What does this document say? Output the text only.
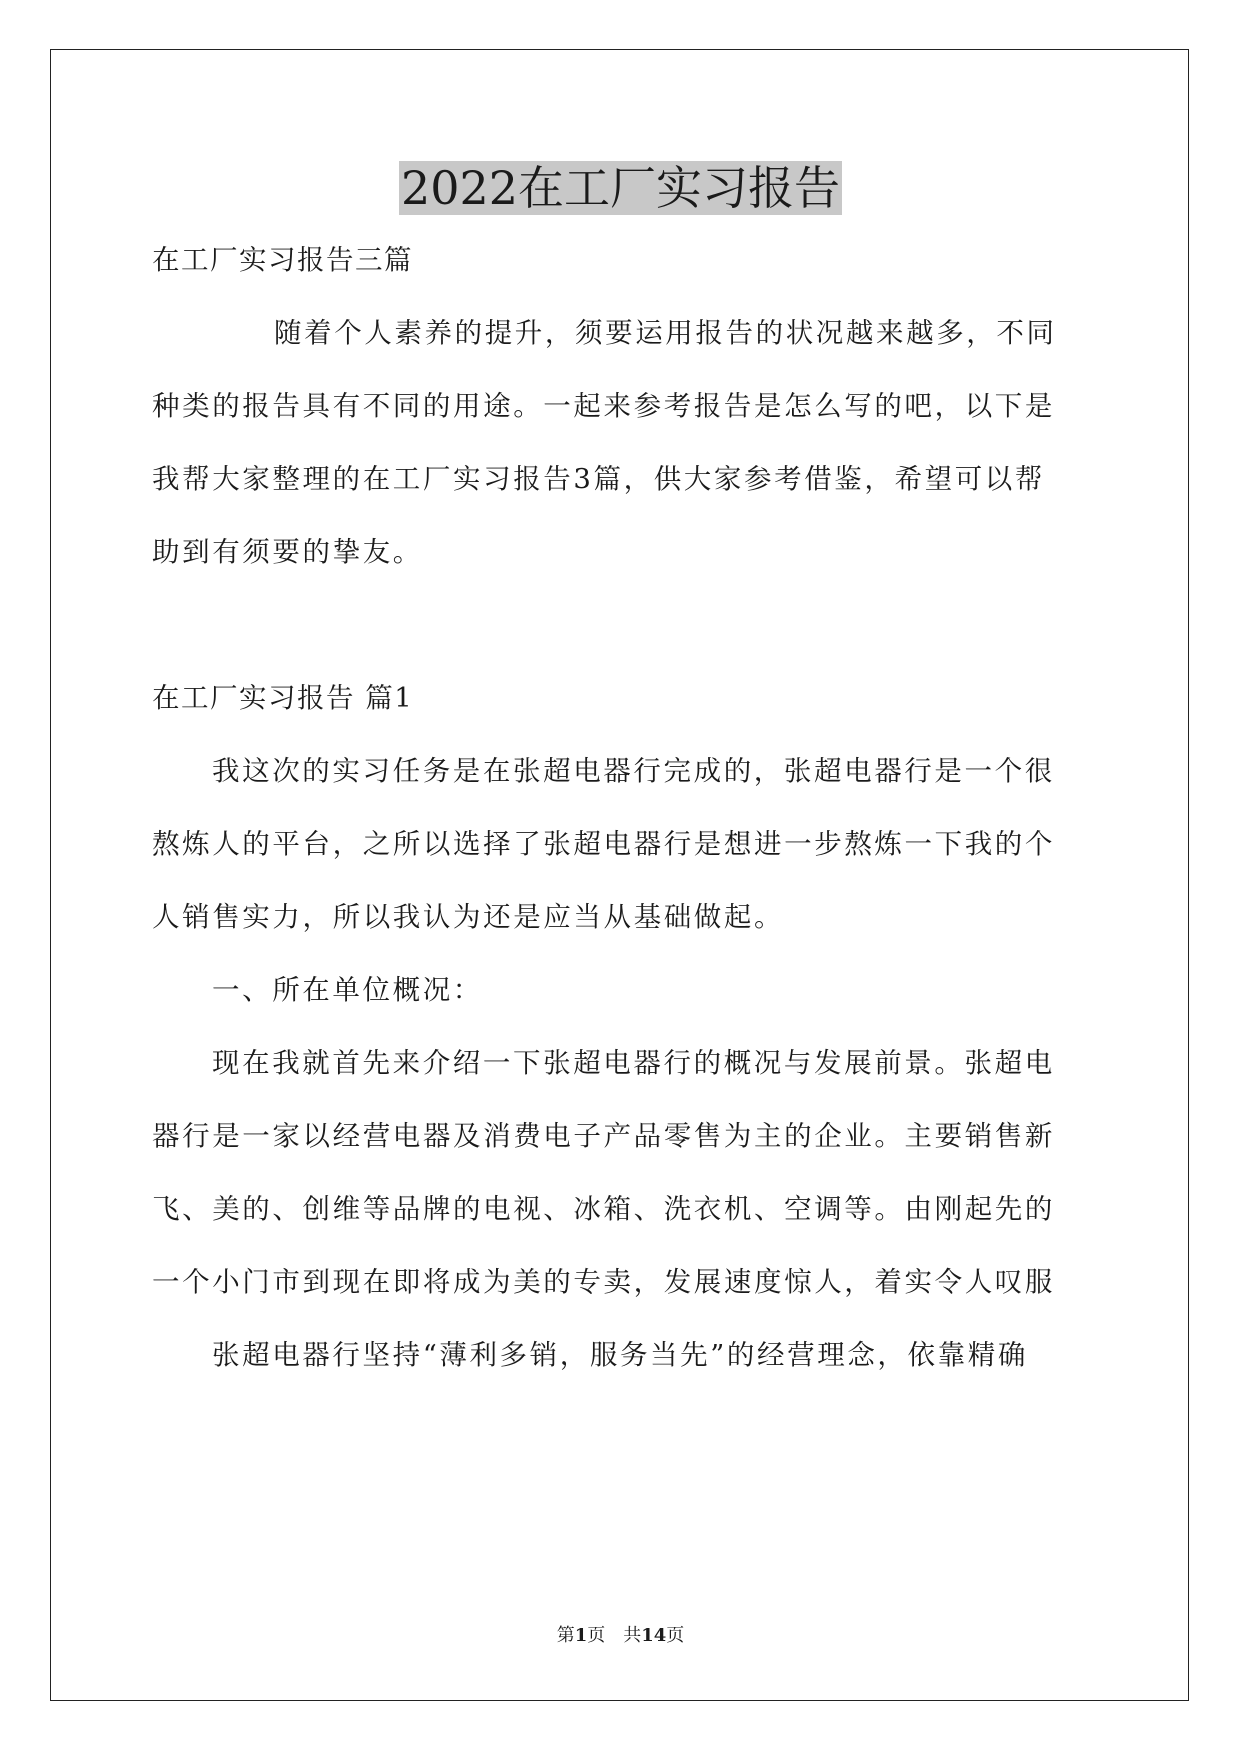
2022在工厂实习报告

在工厂实习报告三篇

随着个人素养的提升，须要运用报告的状况越来越多，不同

种类的报告具有不同的用途。一起来参考报告是怎么写的吧，以下是

我帮大家整理的在工厂实习报告3篇，供大家参考借鉴，希望可以帮

助到有须要的挚友。

在工厂实习报告 篇1

我这次的实习任务是在张超电器行完成的，张超电器行是一个很

熬炼人的平台，之所以选择了张超电器行是想进一步熬炼一下我的个

人销售实力，所以我认为还是应当从基础做起。

一、所在单位概况：

现在我就首先来介绍一下张超电器行的概况与发展前景。张超电

器行是一家以经营电器及消费电子产品零售为主的企业。主要销售新

飞、美的、创维等品牌的电视、冰箱、洗衣机、空调等。由刚起先的

一个小门市到现在即将成为美的专卖，发展速度惊人，着实令人叹服

张超电器行坚持“薄利多销，服务当先”的经营理念，依靠精确

第1页　共14页
